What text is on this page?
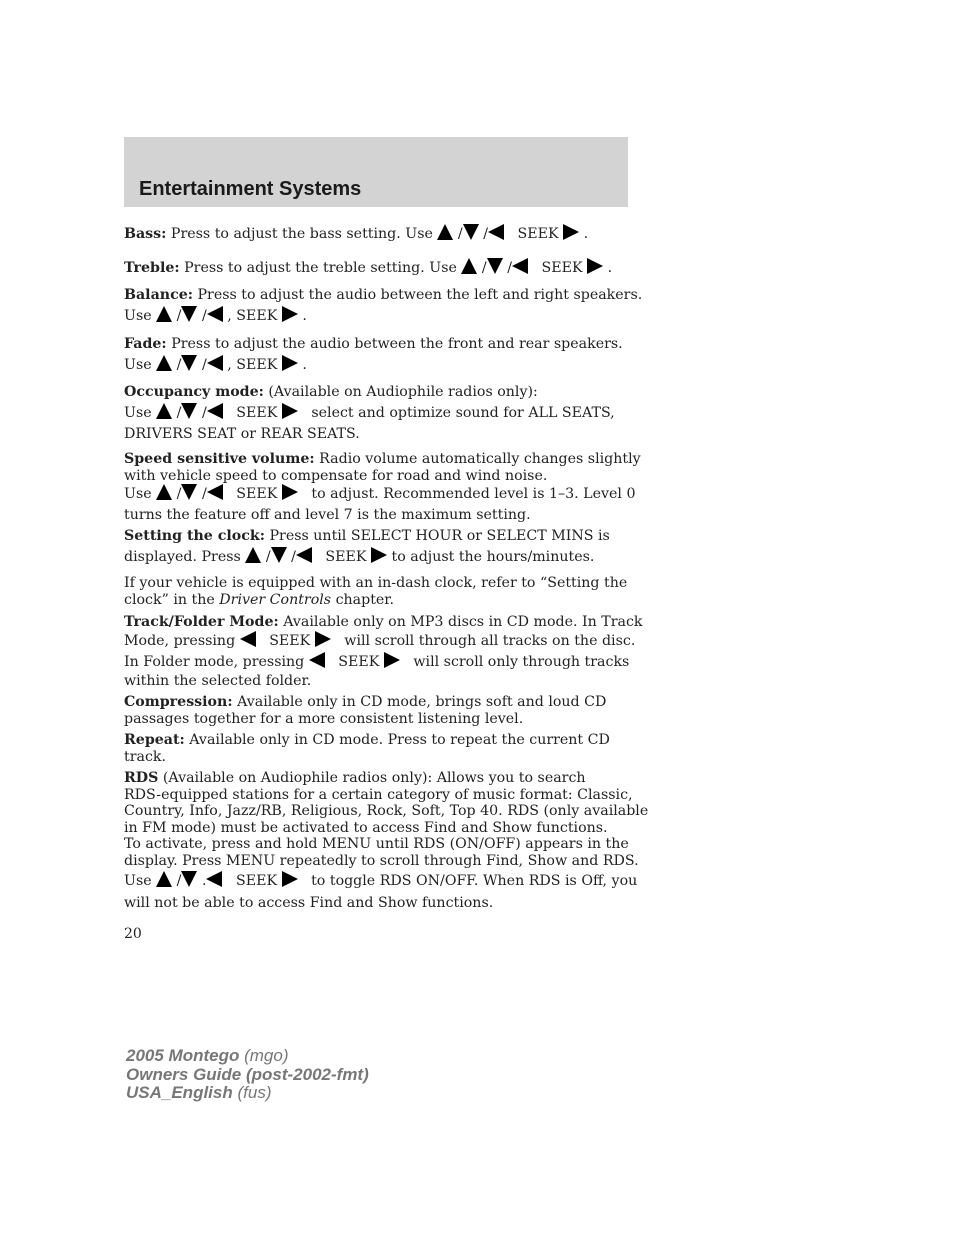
Entertainment Systems

Bass: Press to adjust the bass setting. Use / / SEEK .

Treble: Press to adjust the treble setting. Use / / SEEK .

Balance: Press to adjust the audio between the left and right speakers.
Use / / , SEEK .

Fade: Press to adjust the audio between the front and rear speakers.
Use / / , SEEK .

Occupancy mode: (Available on Audiophile radios only):
Use / / SEEK select and optimize sound for ALL SEATS,
DRIVERS SEAT or REAR SEATS.

Speed sensitive volume: Radio volume automatically changes slightly
with vehicle speed to compensate for road and wind noise.

Use / / SEEK to adjust. Recommended level is 1–3. Level 0
turns the feature off and level 7 is the maximum setting.

Setting the clock: Press until SELECT HOUR or SELECT MINS is
displayed. Press / / SEEK to adjust the hours/minutes.

If your vehicle is equipped with an in-dash clock, refer to “Setting the
clock” in the Driver Controls chapter.

Track/Folder Mode: Available only on MP3 discs in CD mode. In Track
Mode, pressing SEEK will scroll through all tracks on the disc.
In Folder mode, pressing SEEK will scroll only through tracks
within the selected folder.

Compression: Available only in CD mode, brings soft and loud CD
passages together for a more consistent listening level.

Repeat: Available only in CD mode. Press to repeat the current CD
track.

RDS (Available on Audiophile radios only): Allows you to search
RDS-equipped stations for a certain category of music format: Classic,
Country, Info, Jazz/RB, Religious, Rock, Soft, Top 40. RDS (only available
in FM mode) must be activated to access Find and Show functions.
To activate, press and hold MENU until RDS (ON/OFF) appears in the
display. Press MENU repeatedly to scroll through Find, Show and RDS.

Use / . SEEK to toggle RDS ON/OFF. When RDS is Off, you
will not be able to access Find and Show functions.

20
2005 Montego (mgo)
Owners Guide (post-2002-fmt)
USA_English (fus)
